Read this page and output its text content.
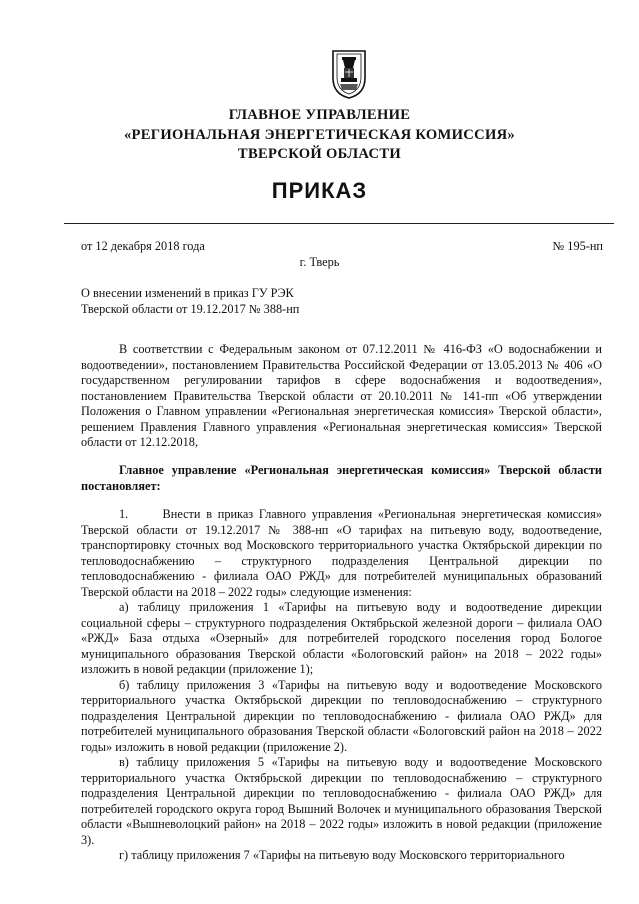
ГЛАВНОЕ УПРАВЛЕНИЕ
«РЕГИОНАЛЬНАЯ ЭНЕРГЕТИЧЕСКАЯ КОМИССИЯ»
ТВЕРСКОЙ ОБЛАСТИ
ПРИКАЗ
от 12 декабря 2018 года	№ 195-нп
г. Тверь
О внесении изменений в приказ ГУ РЭК
Тверской области от 19.12.2017 № 388-нп

В соответствии с Федеральным законом от 07.12.2011 № 416-ФЗ «О водоснабжении и водоотведении», постановлением Правительства Российской Федерации от 13.05.2013 № 406 «О государственном регулировании тарифов в сфере водоснабжения и водоотведения», постановлением Правительства Тверской области от 20.10.2011 № 141-пп «Об утверждении Положения о Главном управлении «Региональная энергетическая комиссия» Тверской области», решением Правления Главного управления «Региональная энергетическая комиссия» Тверской области от 12.12.2018,

Главное управление «Региональная энергетическая комиссия» Тверской области постановляет:

1.      Внести в приказ Главного управления «Региональная энергетическая комиссия» Тверской области от 19.12.2017 № 388-нп «О тарифах на питьевую воду, водоотведение, транспортировку сточных вод Московского территориального участка Октябрьской дирекции по тепловодоснабжению – структурного подразделения Центральной дирекции по тепловодоснабжению - филиала ОАО РЖД» для потребителей муниципальных образований Тверской области на 2018 – 2022 годы» следующие изменения:

а) таблицу приложения 1 «Тарифы на питьевую воду и водоотведение дирекции социальной сферы – структурного подразделения Октябрьской железной дороги – филиала ОАО «РЖД» База отдыха «Озерный» для потребителей городского поселения город Бологое муниципального образования Тверской области «Бологовский район» на 2018 – 2022 годы» изложить в новой редакции (приложение 1);

б) таблицу приложения 3 «Тарифы на питьевую воду и водоотведение Московского территориального участка Октябрьской дирекции по тепловодоснабжению – структурного подразделения Центральной дирекции по тепловодоснабжению - филиала ОАО РЖД» для потребителей муниципального образования Тверской области «Бологовский район на 2018 – 2022 годы» изложить в новой редакции (приложение 2).

в) таблицу приложения 5 «Тарифы на питьевую воду и водоотведение Московского территориального участка Октябрьской дирекции по тепловодоснабжению – структурного подразделения Центральной дирекции по тепловодоснабжению - филиала ОАО РЖД» для потребителей городского округа город Вышний Волочек и муниципального образования Тверской области «Вышневолоцкий район» на 2018 – 2022 годы» изложить в новой редакции (приложение 3).

г) таблицу приложения 7 «Тарифы на питьевую воду Московского территориального
